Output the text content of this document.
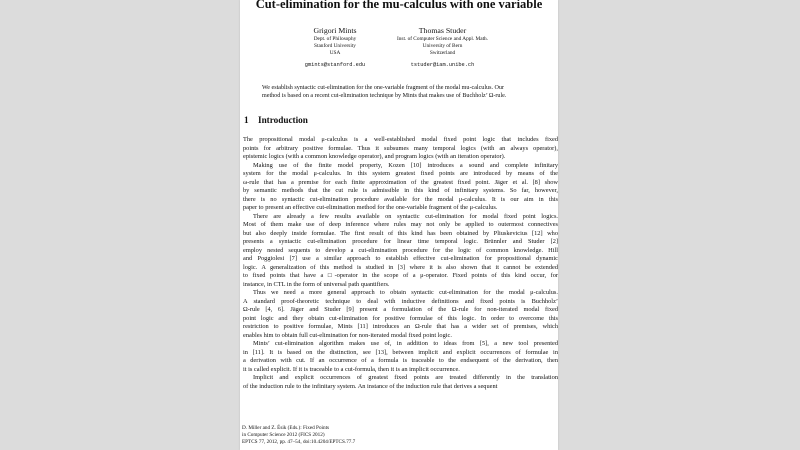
Cut-elimination for the mu-calculus with one variable
Grigori Mints
Dept. of Philosophy
Stanford University
USA
gmints@stanford.edu
Thomas Studer
Inst. of Computer Science and Appl. Math.
University of Bern
Switzerland
tstuder@iam.unibe.ch
We establish syntactic cut-elimination for the one-variable fragment of the modal mu-calculus. Our
method is based on a recent cut-elimination technique by Mints that makes use of Buchholz’ Ω-rule.
1 Introduction
The propositional modal μ-calculus is a well-established modal fixed point logic that includes fixed
points for arbitrary positive formulae. Thus it subsumes many temporal logics (with an always operator),
epistemic logics (with a common knowledge operator), and program logics (with an iteration operator).
Making use of the finite model property, Kozen [10] introduces a sound and complete infinitary
system for the modal μ-calculus. In this system greatest fixed points are introduced by means of the
ω-rule that has a premise for each finite approximation of the greatest fixed point. Jäger et al. [8] show
by semantic methods that the cut rule is admissible in this kind of infinitary systems. So far, however,
there is no syntactic cut-elimination procedure available for the modal μ-calculus. It is our aim in this
paper to present an effective cut-elimination method for the one-variable fragment of the μ-calculus.
There are already a few results available on syntactic cut-elimination for modal fixed point logics.
Most of them make use of deep inference where rules may not only be applied to outermost connectives
but also deeply inside formulae. The first result of this kind has been obtained by Pliuskevicius [12] who
presents a syntactic cut-elimination procedure for linear time temporal logic. Brünnler and Studer [2]
employ nested sequents to develop a cut-elimination procedure for the logic of common knowledge. Hill
and Poggiolesi [7] use a similar approach to establish effective cut-elimination for propositional dynamic
logic. A generalization of this method is studied in [3] where it is also shown that it cannot be extended
to fixed points that have a □-operator in the scope of a μ-operator. Fixed points of this kind occur, for
instance, in CTL in the form of universal path quantifiers.
Thus we need a more general approach to obtain syntactic cut-elimination for the modal μ-calculus.
A standard proof-theoretic technique to deal with inductive definitions and fixed points is Buchholz’
Ω-rule [4, 6]. Jäger and Studer [9] present a formulation of the Ω-rule for non-iterated modal fixed
point logic and they obtain cut-elimination for positive formulae of this logic. In order to overcome this
restriction to positive formulae, Mints [11] introduces an Ω-rule that has a wider set of premises, which
enables him to obtain full cut-elimination for non-iterated modal fixed point logic.
Mints’ cut-elimination algorithm makes use of, in addition to ideas from [5], a new tool presented
in [11]. It is based on the distinction, see [13], between implicit and explicit occurrences of formulae in
a derivation with cut. If an occurrence of a formula is traceable to the endsequent of the derivation, then
it is called explicit. If it is traceable to a cut-formula, then it is an implicit occurrence.
Implicit and explicit occurrences of greatest fixed points are treated differently in the translation
of the induction rule to the infinitary system. An instance of the induction rule that derives a sequent
D. Miller and Z. Ésik (Eds.): Fixed Points
in Computer Science 2012 (FICS 2012)
EPTCS 77, 2012, pp. 47–54, doi:10.4204/EPTCS.77.7
